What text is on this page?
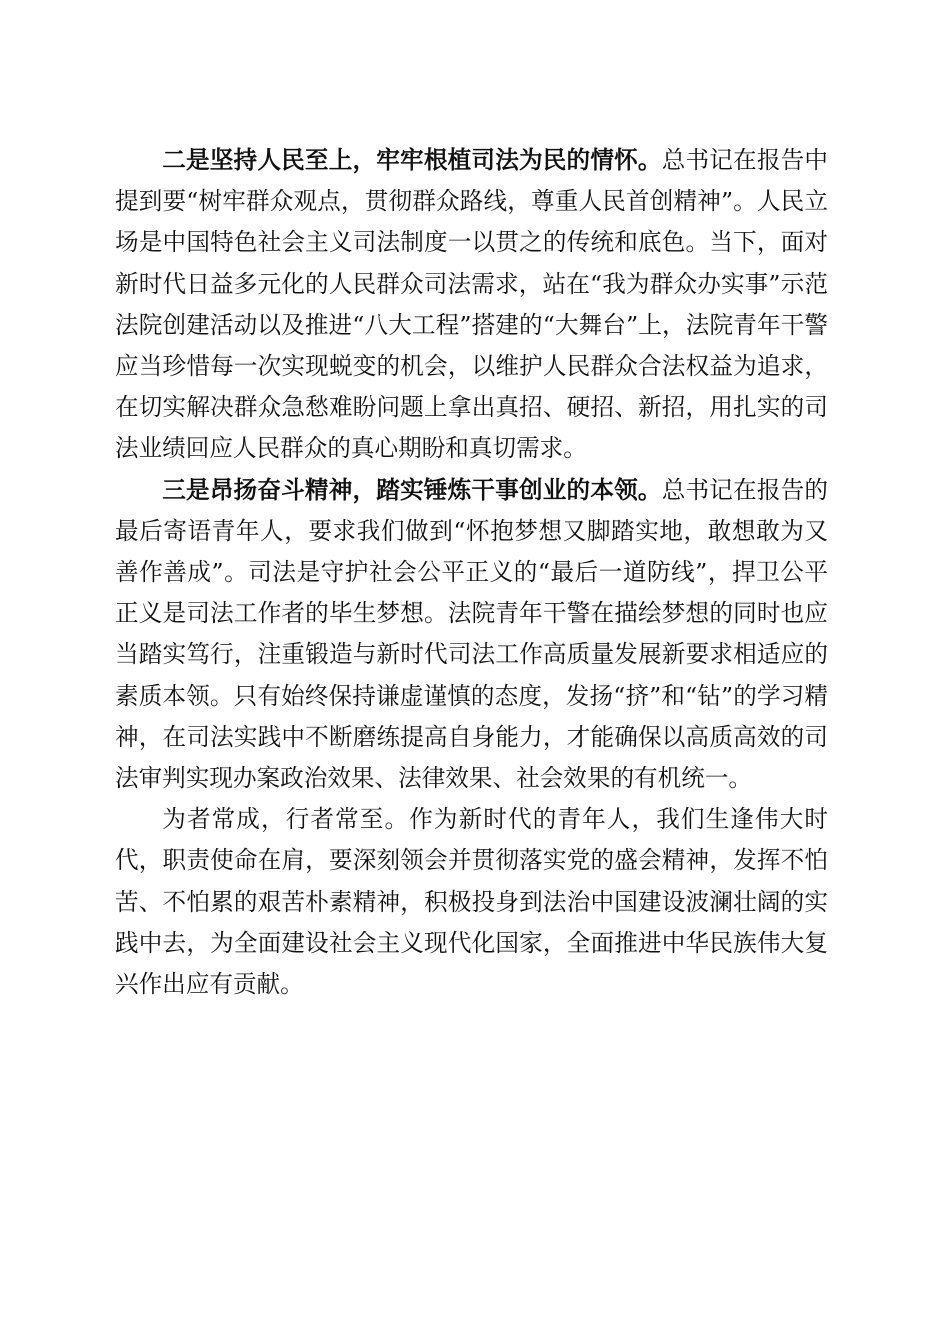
二是坚持人民至上，牢牢根植司法为民的情怀。总书记在报告中提到要“树牢群众观点，贯彻群众路线，尊重人民首创精神”。人民立场是中国特色社会主义司法制度一以贯之的传统和底色。当下，面对新时代日益多元化的人民群众司法需求，站在“我为群众办实事”示范法院创建活动以及推进“八大工程”搭建的“大舞台”上，法院青年干警应当珍惜每一次实现蜕变的机会，以维护人民群众合法权益为追求，在切实解决群众急愁难盼问题上拿出真招、硬招、新招，用扎实的司法业绩回应人民群众的真心期盼和真切需求。

三是昂扬奋斗精神，踏实锤炼干事创业的本领。总书记在报告的最后寄语青年人，要求我们做到“怀抱梦想又脚踏实地，敢想敢为又善作善成”。司法是守护社会公平正义的“最后一道防线”，捍卫公平正义是司法工作者的毕生梦想。法院青年干警在描绘梦想的同时也应当踏实笃行，注重锻造与新时代司法工作高质量发展新要求相适应的素质本领。只有始终保持谦虚谨慎的态度，发扬“挤”和“钻”的学习精神，在司法实践中不断磨练提高自身能力，才能确保以高质高效的司法审判实现办案政治效果、法律效果、社会效果的有机统一。

为者常成，行者常至。作为新时代的青年人，我们生逢伟大时代，职责使命在肩，要深刻领会并贯彻落实党的盛会精神，发挥不怕苦、不怕累的艰苦朴素精神，积极投身到法治中国建设波澜壮阔的实践中去，为全面建设社会主义现代化国家，全面推进中华民族伟大复兴作出应有贡献。
